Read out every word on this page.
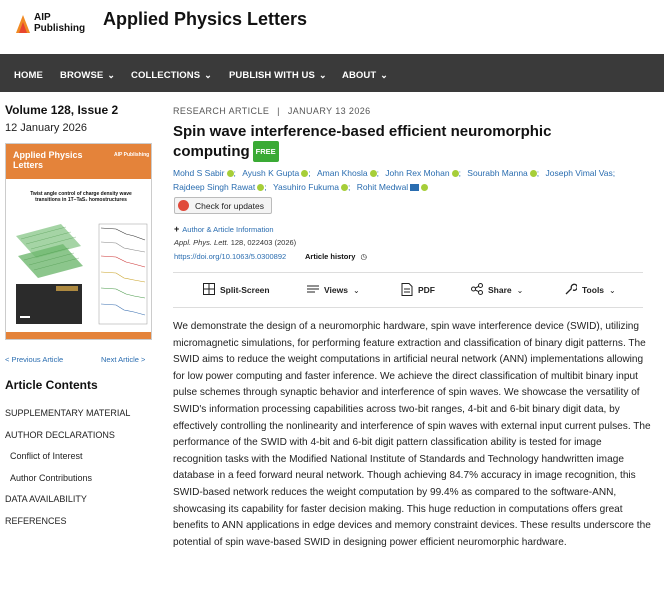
AIP
Publishing Applied Physics Letters
HOME BROWSE ⌄ COLLECTIONS ⌄ PUBLISH WITH US ⌄ ABOUT ⌄
Volume 128, Issue 2
12 January 2026
Applied Physics Letters
AIP Publishing
Twist angle control of charge density wave transitions in 1T–TaS₂ homostructures
< Previous Article	Next Article >
Article Contents
SUPPLEMENTARY MATERIAL
AUTHOR DECLARATIONS
Conflict of Interest
Author Contributions
DATA AVAILABILITY
REFERENCES
RESEARCH ARTICLE | JANUARY 13 2026
Spin wave interference-based efficient neuromorphic computing FREE
Mohd S Sabir ; Ayush K Gupta ; Aman Khosla ; John Rex Mohan ; Sourabh Manna ; Joseph Vimal Vas;
Rajdeep Singh Rawat ; Yasuhiro Fukuma ; Rohit Medwal
Check for updates
+ Author & Article Information
Appl. Phys. Lett. 128, 022403 (2026)
https://doi.org/10.1063/5.0300892	Article history ◷
Split-Screen	Views ⌄	PDF	Share ⌄	Tools ⌄
We demonstrate the design of a neuromorphic hardware, spin wave interference device (SWID), utilizing micromagnetic simulations, for performing feature extraction and classification of binary digit patterns. The SWID aims to reduce the weight computations in artificial neural network (ANN) implementations allowing for low power computing and faster inference. We achieve the direct classification of multibit binary input pulse schemes through synaptic behavior and interference of spin waves. We showcase the versatility of SWID's information processing capabilities across two-bit ranges, 4-bit and 6-bit binary digit data, by effectively controlling the nonlinearity and interference of spin waves with external input current pulses. The performance of the SWID with 4-bit and 6-bit digit pattern classification ability is tested for image recognition tasks with the Modified National Institute of Standards and Technology handwritten image database in a feed forward neural network. Though achieving 84.7% accuracy in image recognition, this SWID-based network reduces the weight computation by 99.4% as compared to the software-ANN, showcasing its capability for faster decision making. This huge reduction in computations offers great benefits to ANN applications in edge devices and memory constraint devices. These results underscore the potential of spin wave-based SWID in designing power efficient neuromorphic hardware.
